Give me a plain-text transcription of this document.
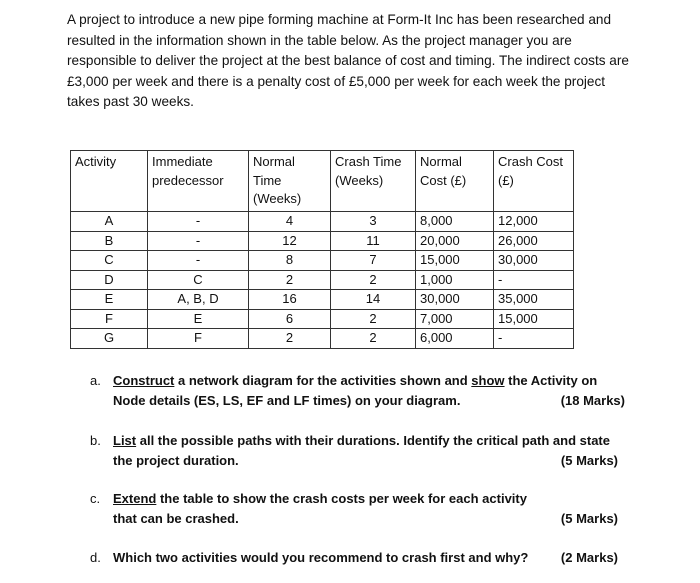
A project to introduce a new pipe forming machine at Form-It Inc has been researched and resulted in the information shown in the table below. As the project manager you are responsible to deliver the project at the best balance of cost and timing. The indirect costs are £3,000 per week and there is a penalty cost of £5,000 per week for each week the project takes past 30 weeks.
Activity	Immediate predecessor	Normal Time (Weeks)	Crash Time (Weeks)	Normal Cost (£)	Crash Cost (£)
A	-	4	3	8,000	12,000
B	-	12	11	20,000	26,000
C	-	8	7	15,000	30,000
D	C	2	2	1,000	-
E	A, B, D	16	14	30,000	35,000
F	E	6	2	7,000	15,000
G	F	2	2	6,000	-
a. Construct a network diagram for the activities shown and show the Activity on Node details (ES, LS, EF and LF times) on your diagram.	(18 Marks)
b. List all the possible paths with their durations. Identify the critical path and state the project duration.	(5 Marks)
c. Extend the table to show the crash costs per week for each activity that can be crashed.	(5 Marks)
d. Which two activities would you recommend to crash first and why?	(2 Marks)
